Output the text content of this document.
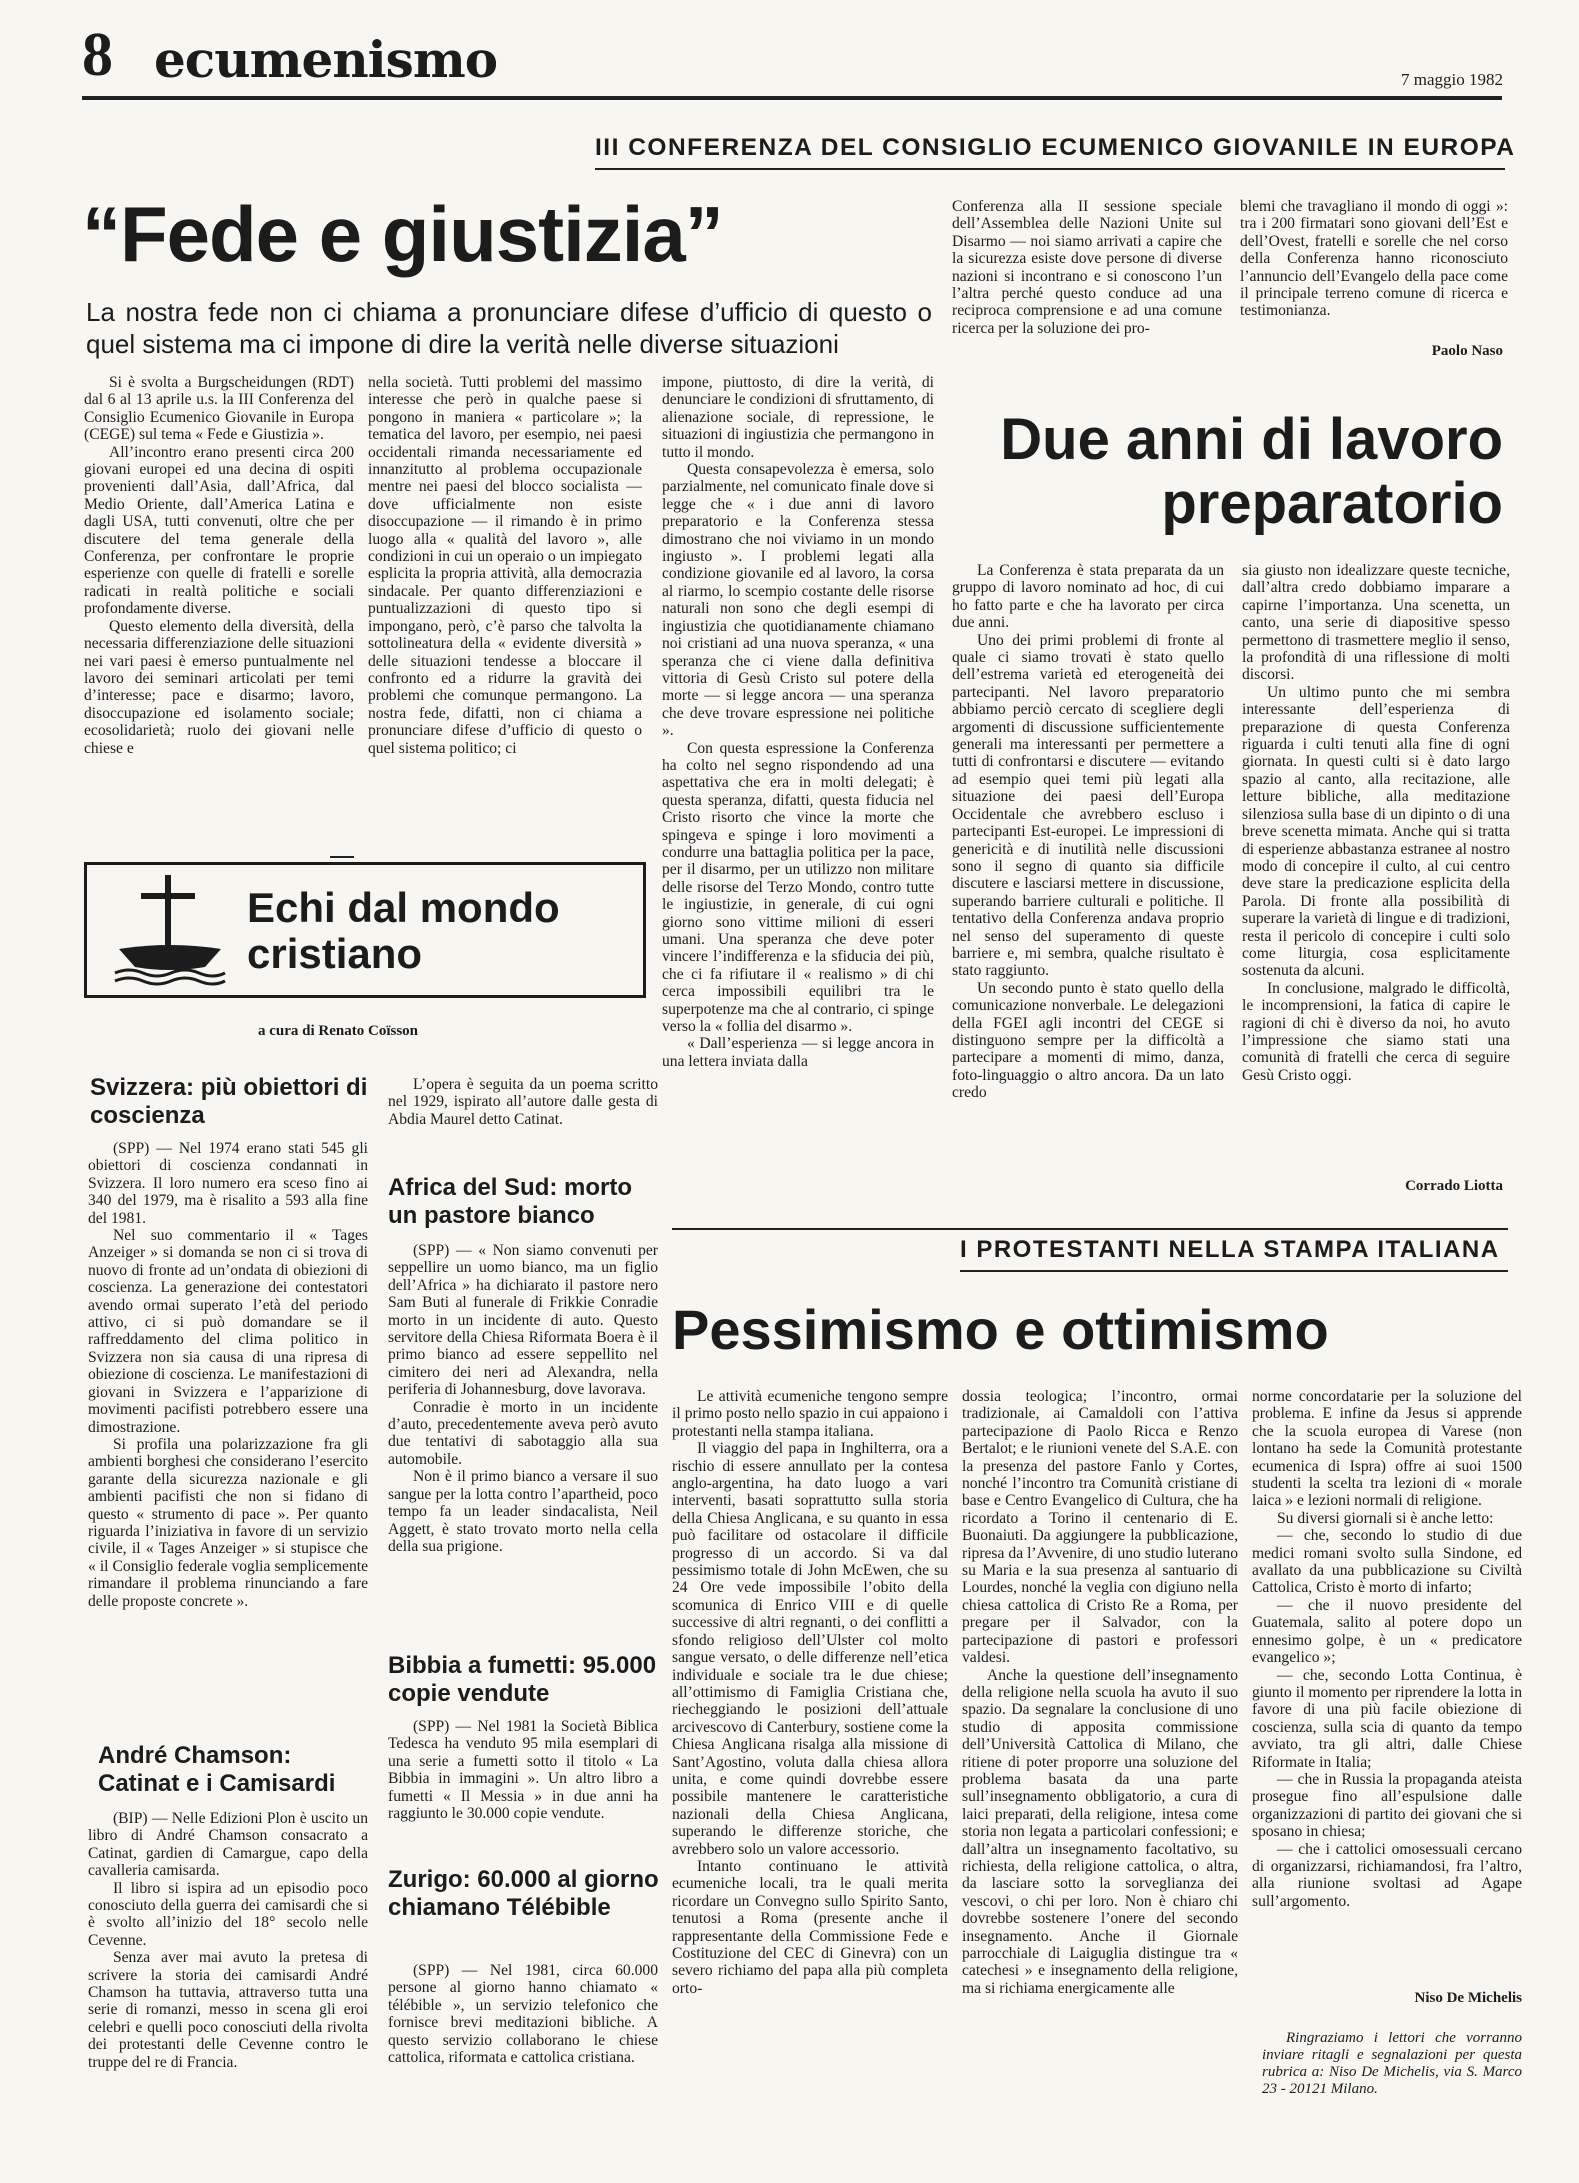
8 ecumenismo	7 maggio 1982
III CONFERENZA DEL CONSIGLIO ECUMENICO GIOVANILE IN EUROPA
“Fede e giustizia”
La nostra fede non ci chiama a pronunciare difese d’ufficio di questo o quel sistema ma ci impone di dire la verità nelle diverse situazioni

Si è svolta a Burgscheidungen (RDT) dal 6 al 13 aprile u.s. la III Conferenza del Consiglio Ecumenico Giovanile in Europa (CEGE) sul tema « Fede e Giustizia ».

All’incontro erano presenti circa 200 giovani europei ed una decina di ospiti provenienti dall’Asia, dall’Africa, dal Medio Oriente, dall’America Latina e dagli USA, tutti convenuti, oltre che per discutere del tema generale della Conferenza, per confrontare le proprie esperienze con quelle di fratelli e sorelle radicati in realtà politiche e sociali profondamente diverse.

Questo elemento della diversità, della necessaria differenziazione delle situazioni nei vari paesi è emerso puntualmente nel lavoro dei seminari articolati per temi d’interesse; pace e disarmo; lavoro, disoccupazione ed isolamento sociale; ecosolidarietà; ruolo dei giovani nelle chiese e

nella società. Tutti problemi del massimo interesse che però in qualche paese si pongono in maniera « particolare »; la tematica del lavoro, per esempio, nei paesi occidentali rimanda necessariamente ed innanzitutto al problema occupazionale mentre nei paesi del blocco socialista — dove ufficialmente non esiste disoccupazione — il rimando è in primo luogo alla « qualità del lavoro », alle condizioni in cui un operaio o un impiegato esplicita la propria attività, alla democrazia sindacale. Per quanto differenziazioni e puntualizzazioni di questo tipo si impongano, però, c’è parso che talvolta la sottolineatura della « evidente diversità » delle situazioni tendesse a bloccare il confronto ed a ridurre la gravità dei problemi che comunque permangono. La nostra fede, difatti, non ci chiama a pronunciare difese d’ufficio di questo o quel sistema politico; ci

impone, piuttosto, di dire la verità, di denunciare le condizioni di sfruttamento, di alienazione sociale, di repressione, le situazioni di ingiustizia che permangono in tutto il mondo.

Questa consapevolezza è emersa, solo parzialmente, nel comunicato finale dove si legge che « i due anni di lavoro preparatorio e la Conferenza stessa dimostrano che noi viviamo in un mondo ingiusto ». I problemi legati alla condizione giovanile ed al lavoro, la corsa al riarmo, lo scempio costante delle risorse naturali non sono che degli esempi di ingiustizia che quotidianamente chiamano noi cristiani ad una nuova speranza, « una speranza che ci viene dalla definitiva vittoria di Gesù Cristo sul potere della morte — si legge ancora — una speranza che deve trovare espressione nei politiche ».

Con questa espressione la Conferenza ha colto nel segno rispondendo ad una aspettativa che era in molti delegati; è questa speranza, difatti, questa fiducia nel Cristo risorto che vince la morte che spingeva e spinge i loro movimenti a condurre una battaglia politica per la pace, per il disarmo, per un utilizzo non militare delle risorse del Terzo Mondo, contro tutte le ingiustizie, in generale, di cui ogni giorno sono vittime milioni di esseri umani. Una speranza che deve poter vincere l’indifferenza e la sfiducia dei più, che ci fa rifiutare il « realismo » di chi cerca impossibili equilibri tra le superpotenze ma che al contrario, ci spinge verso la « follia del disarmo ».

« Dall’esperienza — si legge ancora in una lettera inviata dalla

Conferenza alla II sessione speciale dell’Assemblea delle Nazioni Unite sul Disarmo — noi siamo arrivati a capire che la sicurezza esiste dove persone di diverse nazioni si incontrano e si conoscono l’un l’altra perché questo conduce ad una reciproca comprensione e ad una comune ricerca per la soluzione dei pro-

blemi che travagliano il mondo di oggi »: tra i 200 firmatari sono giovani dell’Est e dell’Ovest, fratelli e sorelle che nel corso della Conferenza hanno riconosciuto l’annuncio dell’Evangelo della pace come il principale terreno comune di ricerca e testimonianza.

Paolo Naso
Due anni di lavoro
preparatorio

La Conferenza è stata preparata da un gruppo di lavoro nominato ad hoc, di cui ho fatto parte e che ha lavorato per circa due anni.

Uno dei primi problemi di fronte al quale ci siamo trovati è stato quello dell’estrema varietà ed eterogeneità dei partecipanti. Nel lavoro preparatorio abbiamo perciò cercato di scegliere degli argomenti di discussione sufficientemente generali ma interessanti per permettere a tutti di confrontarsi e discutere — evitando ad esempio quei temi più legati alla situazione dei paesi dell’Europa Occidentale che avrebbero escluso i partecipanti Est-europei. Le impressioni di genericità e di inutilità nelle discussioni sono il segno di quanto sia difficile discutere e lasciarsi mettere in discussione, superando barriere culturali e politiche. Il tentativo della Conferenza andava proprio nel senso del superamento di queste barriere e, mi sembra, qualche risultato è stato raggiunto.

Un secondo punto è stato quello della comunicazione nonverbale. Le delegazioni della FGEI agli incontri del CEGE si distinguono sempre per la difficoltà a partecipare a momenti di mimo, danza, foto-linguaggio o altro ancora. Da un lato credo

sia giusto non idealizzare queste tecniche, dall’altra credo dobbiamo imparare a capirne l’importanza. Una scenetta, un canto, una serie di diapositive spesso permettono di trasmettere meglio il senso, la profondità di una riflessione di molti discorsi.

Un ultimo punto che mi sembra interessante dell’esperienza di preparazione di questa Conferenza riguarda i culti tenuti alla fine di ogni giornata. In questi culti si è dato largo spazio al canto, alla recitazione, alle letture bibliche, alla meditazione silenziosa sulla base di un dipinto o di una breve scenetta mimata. Anche qui si tratta di esperienze abbastanza estranee al nostro modo di concepire il culto, al cui centro deve stare la predicazione esplicita della Parola. Di fronte alla possibilità di superare la varietà di lingue e di tradizioni, resta il pericolo di concepire i culti solo come liturgia, cosa esplicitamente sostenuta da alcuni.

In conclusione, malgrado le difficoltà, le incomprensioni, la fatica di capire le ragioni di chi è diverso da noi, ho avuto l’impressione che siamo stati una comunità di fratelli che cerca di seguire Gesù Cristo oggi.

Corrado Liotta
Echi dal mondo
cristiano
a cura di Renato Coïsson
Svizzera: più obiettori di coscienza

(SPP) — Nel 1974 erano stati 545 gli obiettori di coscienza condannati in Svizzera. Il loro numero era sceso fino ai 340 del 1979, ma è risalito a 593 alla fine del 1981.

Nel suo commentario il « Tages Anzeiger » si domanda se non ci si trova di nuovo di fronte ad un’ondata di obiezioni di coscienza. La generazione dei contestatori avendo ormai superato l’età del periodo attivo, ci si può domandare se il raffreddamento del clima politico in Svizzera non sia causa di una ripresa di obiezione di coscienza. Le manifestazioni di giovani in Svizzera e l’apparizione di movimenti pacifisti potrebbero essere una dimostrazione.

Si profila una polarizzazione fra gli ambienti borghesi che considerano l’esercito garante della sicurezza nazionale e gli ambienti pacifisti che non si fidano di questo « strumento di pace ». Per quanto riguarda l’iniziativa in favore di un servizio civile, il « Tages Anzeiger » si stupisce che « il Consiglio federale voglia semplicemente rimandare il problema rinunciando a fare delle proposte concrete ».

André Chamson: Catinat e i Camisardi

(BIP) — Nelle Edizioni Plon è uscito un libro di André Chamson consacrato a Catinat, gardien di Camargue, capo della cavalleria camisarda.

Il libro si ispira ad un episodio poco conosciuto della guerra dei camisardi che si è svolto all’inizio del 18° secolo nelle Cevenne.

Senza aver mai avuto la pretesa di scrivere la storia dei camisardi André Chamson ha tuttavia, attraverso tutta una serie di romanzi, messo in scena gli eroi celebri e quelli poco conosciuti della rivolta dei protestanti delle Cevenne contro le truppe del re di Francia.

L’opera è seguita da un poema scritto nel 1929, ispirato all’autore dalle gesta di Abdia Maurel detto Catinat.

Africa del Sud: morto un pastore bianco

(SPP) — « Non siamo convenuti per seppellire un uomo bianco, ma un figlio dell’Africa » ha dichiarato il pastore nero Sam Buti al funerale di Frikkie Conradie morto in un incidente di auto. Questo servitore della Chiesa Riformata Boera è il primo bianco ad essere seppellito nel cimitero dei neri ad Alexandra, nella periferia di Johannesburg, dove lavorava.

Conradie è morto in un incidente d’auto, precedentemente aveva però avuto due tentativi di sabotaggio alla sua automobile.

Non è il primo bianco a versare il suo sangue per la lotta contro l’apartheid, poco tempo fa un leader sindacalista, Neil Aggett, è stato trovato morto nella cella della sua prigione.

Bibbia a fumetti: 95.000 copie vendute

(SPP) — Nel 1981 la Società Biblica Tedesca ha venduto 95 mila esemplari di una serie a fumetti sotto il titolo « La Bibbia in immagini ». Un altro libro a fumetti « Il Messia » in due anni ha raggiunto le 30.000 copie vendute.

Zurigo: 60.000 al giorno chiamano Télébible

(SPP) — Nel 1981, circa 60.000 persone al giorno hanno chiamato « télébible », un servizio telefonico che fornisce brevi meditazioni bibliche. A questo servizio collaborano le chiese cattolica, riformata e cattolica cristiana.

I PROTESTANTI NELLA STAMPA ITALIANA
Pessimismo e ottimismo

Le attività ecumeniche tengono sempre il primo posto nello spazio in cui appaiono i protestanti nella stampa italiana.

Il viaggio del papa in Inghilterra, ora a rischio di essere annullato per la contesa anglo-argentina, ha dato luogo a vari interventi, basati soprattutto sulla storia della Chiesa Anglicana, e su quanto in essa può facilitare od ostacolare il difficile progresso di un accordo. Si va dal pessimismo totale di John McEwen, che su 24 Ore vede impossibile l’obito della scomunica di Enrico VIII e di quelle successive di altri regnanti, o dei conflitti a sfondo religioso dell’Ulster col molto sangue versato, o delle differenze nell’etica individuale e sociale tra le due chiese; all’ottimismo di Famiglia Cristiana che, riecheggiando le posizioni dell’attuale arcivescovo di Canterbury, sostiene come la Chiesa Anglicana risalga alla missione di Sant’Agostino, voluta dalla chiesa allora unita, e come quindi dovrebbe essere possibile mantenere le caratteristiche nazionali della Chiesa Anglicana, superando le differenze storiche, che avrebbero solo un valore accessorio.

Intanto continuano le attività ecumeniche locali, tra le quali merita ricordare un Convegno sullo Spirito Santo, tenutosi a Roma (presente anche il rappresentante della Commissione Fede e Costituzione del CEC di Ginevra) con un severo richiamo del papa alla più completa orto-

dossia teologica; l’incontro, ormai tradizionale, ai Camaldoli con l’attiva partecipazione di Paolo Ricca e Renzo Bertalot; e le riunioni venete del S.A.E. con la presenza del pastore Fanlo y Cortes, nonché l’incontro tra Comunità cristiane di base e Centro Evangelico di Cultura, che ha ricordato a Torino il centenario di E. Buonaiuti. Da aggiungere la pubblicazione, ripresa da l’Avvenire, di uno studio luterano su Maria e la sua presenza al santuario di Lourdes, nonché la veglia con digiuno nella chiesa cattolica di Cristo Re a Roma, per pregare per il Salvador, con la partecipazione di pastori e professori valdesi.

Anche la questione dell’insegnamento della religione nella scuola ha avuto il suo spazio. Da segnalare la conclusione di uno studio di apposita commissione dell’Università Cattolica di Milano, che ritiene di poter proporre una soluzione del problema basata da una parte sull’insegnamento obbligatorio, a cura di laici preparati, della religione, intesa come storia non legata a particolari confessioni; e dall’altra un insegnamento facoltativo, su richiesta, della religione cattolica, o altra, da lasciare sotto la sorveglianza dei vescovi, o chi per loro. Non è chiaro chi dovrebbe sostenere l’onere del secondo insegnamento. Anche il Giornale parrocchiale di Laiguglia distingue tra « catechesi » e insegnamento della religione, ma si richiama energicamente alle

norme concordatarie per la soluzione del problema. E infine da Jesus si apprende che la scuola europea di Varese (non lontano ha sede la Comunità protestante ecumenica di Ispra) offre ai suoi 1500 studenti la scelta tra lezioni di « morale laica » e lezioni normali di religione.

Su diversi giornali si è anche letto:

— che, secondo lo studio di due medici romani svolto sulla Sindone, ed avallato da una pubblicazione su Civiltà Cattolica, Cristo è morto di infarto;

— che il nuovo presidente del Guatemala, salito al potere dopo un ennesimo golpe, è un « predicatore evangelico »;

— che, secondo Lotta Continua, è giunto il momento per riprendere la lotta in favore di una più facile obiezione di coscienza, sulla scia di quanto da tempo avviato, tra gli altri, dalle Chiese Riformate in Italia;

— che in Russia la propaganda ateista prosegue fino all’espulsione dalle organizzazioni di partito dei giovani che si sposano in chiesa;

— che i cattolici omosessuali cercano di organizzarsi, richiamandosi, fra l’altro, alla riunione svoltasi ad Agape sull’argomento.

Niso De Michelis

Ringraziamo i lettori che vorranno inviare ritagli e segnalazioni per questa rubrica a: Niso De Michelis, via S. Marco 23 - 20121 Milano.
